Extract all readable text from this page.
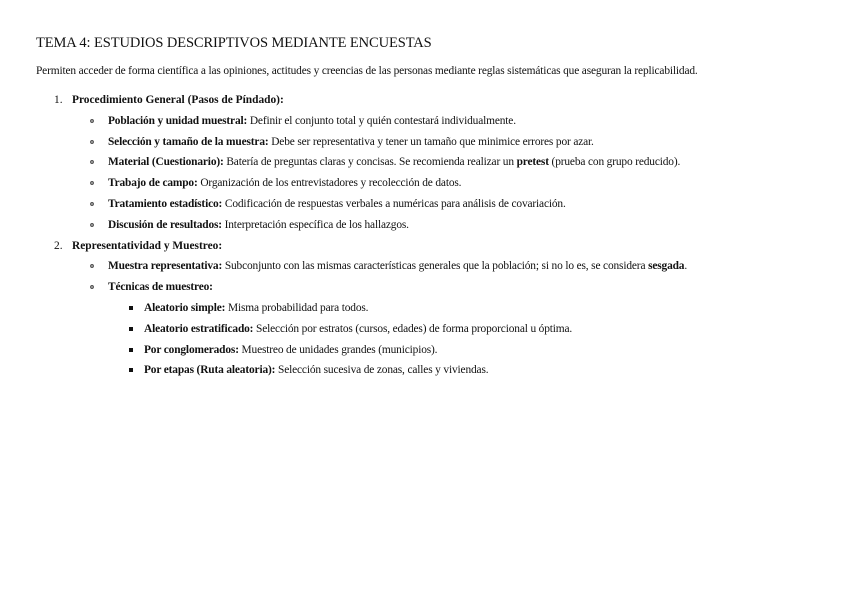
TEMA 4: ESTUDIOS DESCRIPTIVOS MEDIANTE ENCUESTAS

Permiten acceder de forma científica a las opiniones, actitudes y creencias de las personas mediante reglas sistemáticas que aseguran la replicabilidad.

1. Procedimiento General (Pasos de Píndado):
o Población y unidad muestral: Definir el conjunto total y quién contestará individualmente.
o Selección y tamaño de la muestra: Debe ser representativa y tener un tamaño que minimice errores por azar.
o Material (Cuestionario): Batería de preguntas claras y concisas. Se recomienda realizar un pretest (prueba con grupo reducido).
o Trabajo de campo: Organización de los entrevistadores y recolección de datos.
o Tratamiento estadístico: Codificación de respuestas verbales a numéricas para análisis de covariación.
o Discusión de resultados: Interpretación específica de los hallazgos.
2. Representatividad y Muestreo:
o Muestra representativa: Subconjunto con las mismas características generales que la población; si no lo es, se considera sesgada.
o Técnicas de muestreo:
Aleatorio simple: Misma probabilidad para todos.
Aleatorio estratificado: Selección por estratos (cursos, edades) de forma proporcional u óptima.
Por conglomerados: Muestreo de unidades grandes (municipios).
Por etapas (Ruta aleatoria): Selección sucesiva de zonas, calles y viviendas.
